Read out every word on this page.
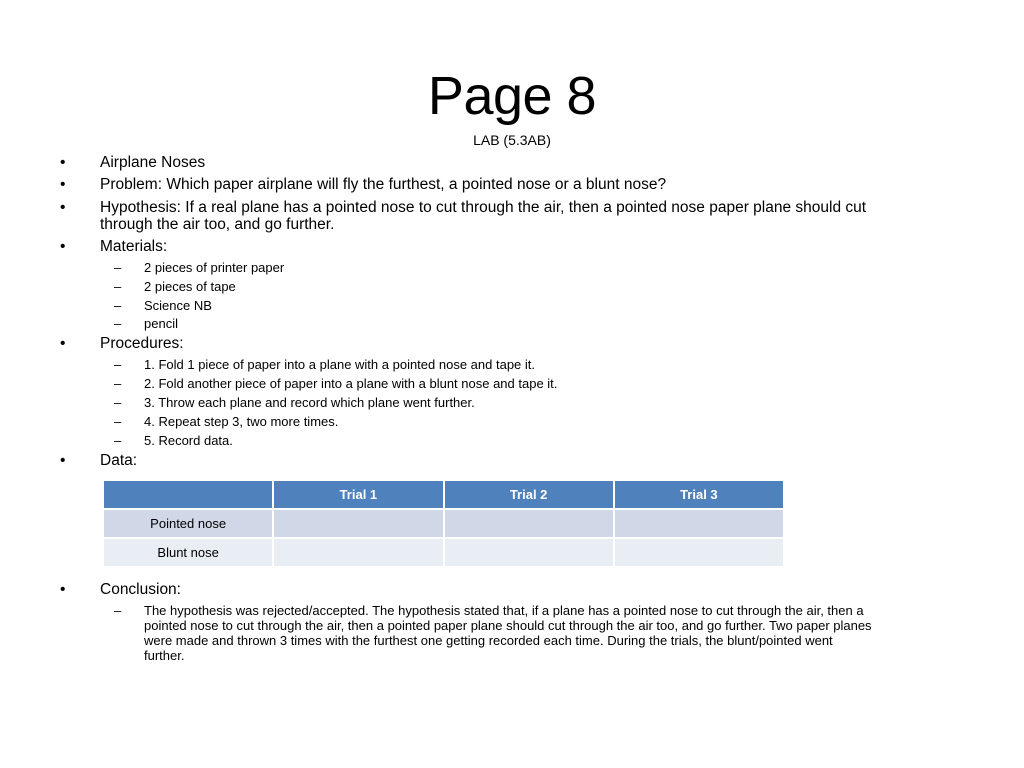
Page 8
LAB (5.3AB)
• Airplane Noses
• Problem: Which paper airplane will fly the furthest, a pointed nose or a blunt nose?
• Hypothesis: If a real plane has a pointed nose to cut through the air, then a pointed nose paper plane should cut
through the air too, and go further.
• Materials:
– 2 pieces of printer paper
– 2 pieces of tape
– Science NB
– pencil
• Procedures:
– 1. Fold 1 piece of paper into a plane with a pointed nose and tape it.
– 2. Fold another piece of paper into a plane with a blunt nose and tape it.
– 3. Throw each plane and record which plane went further.
– 4. Repeat step 3, two more times.
– 5. Record data.
• Data:
• Conclusion:
– The hypothesis was rejected/accepted. The hypothesis stated that, if a plane has a pointed nose to cut through the air, then a
pointed nose to cut through the air, then a pointed paper plane should cut through the air too, and go further. Two paper planes
were made and thrown 3 times with the furthest one getting recorded each time. During the trials, the blunt/pointed went
further.
	Trial 1	Trial 2	Trial 3
Pointed nose			
Blunt nose			
